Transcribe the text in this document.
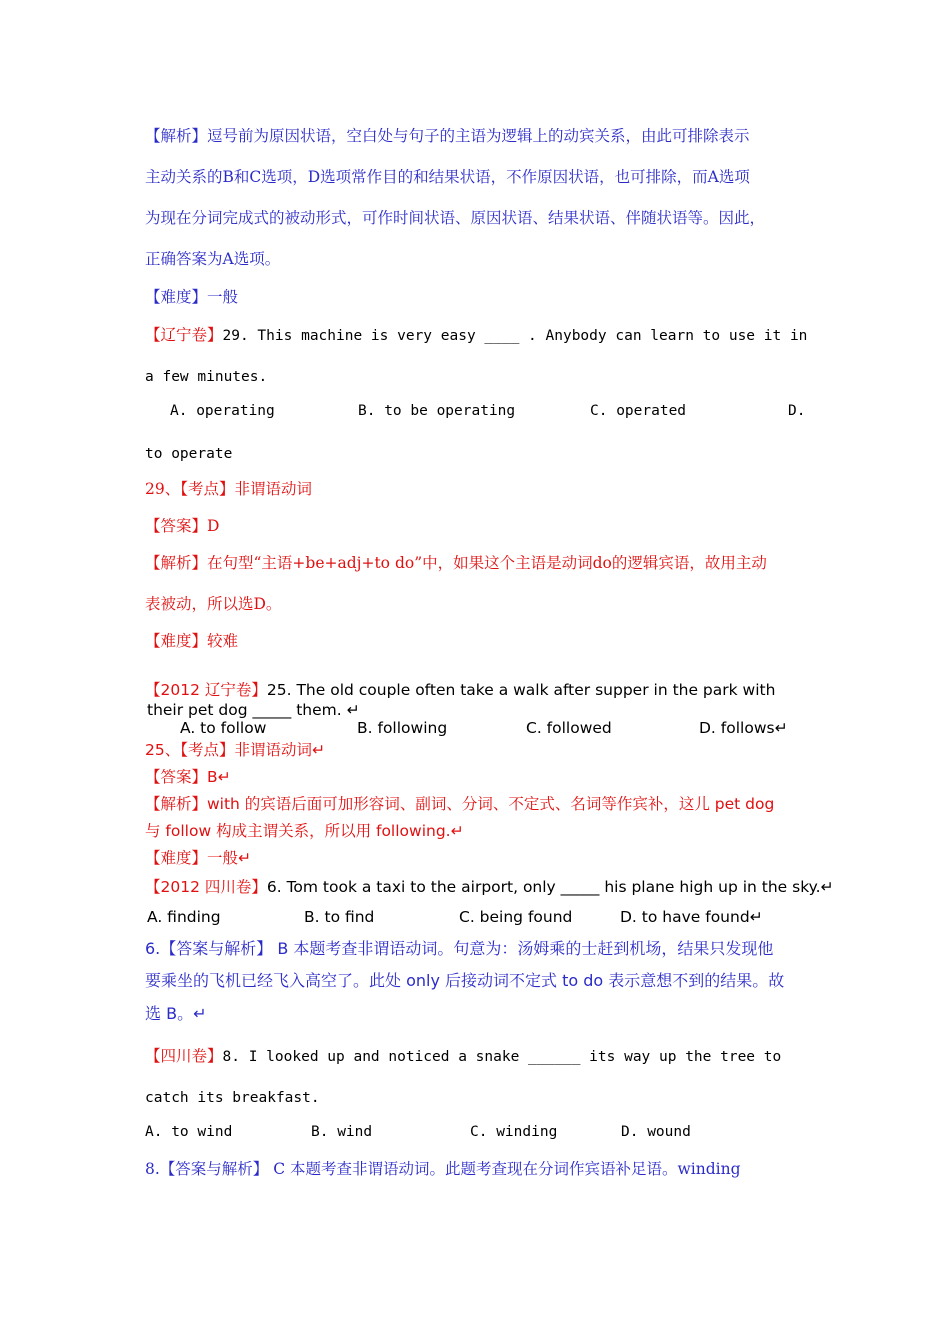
【解析】逗号前为原因状语，空白处与句子的主语为逻辑上的动宾关系，由此可排除表示
主动关系的B和C选项，D选项常作目的和结果状语，不作原因状语，也可排除，而A选项
为现在分词完成式的被动形式，可作时间状语、原因状语、结果状语、伴随状语等。因此，
正确答案为A选项。
【难度】一般
【辽宁卷】29. This machine is very easy ____ . Anybody can learn to use it in
a few minutes.
A. operating	B. to be operating	C. operated	D.
to operate
29、【考点】非谓语动词
【答案】D
【解析】在句型“主语+be+adj+to do”中，如果这个主语是动词do的逻辑宾语，故用主动
表被动，所以选D。
【难度】较难
【2012 辽宁卷】25. The old couple often take a walk after supper in the park with
their pet dog _____ them. ↵
A. to follow	B. following	C. followed	D. follows↵
25、【考点】非谓语动词↵
【答案】B↵
【解析】with 的宾语后面可加形容词、副词、分词、不定式、名词等作宾补，这儿 pet dog
与 follow 构成主谓关系，所以用 following.↵
【难度】一般↵
【2012 四川卷】6. Tom took a taxi to the airport, only _____ his plane high up in the sky.↵
A. finding	B. to find	C. being found	D. to have found↵
6.【答案与解析】 B 本题考查非谓语动词。句意为：汤姆乘的士赶到机场，结果只发现他
要乘坐的飞机已经飞入高空了。此处 only 后接动词不定式 to do 表示意想不到的结果。故
选 B。↵
【四川卷】8. I looked up and noticed a snake ______ its way up the tree to
catch its breakfast.
A. to wind	B. wind	C. winding	D. wound
8.【答案与解析】 C 本题考查非谓语动词。此题考查现在分词作宾语补足语。winding
